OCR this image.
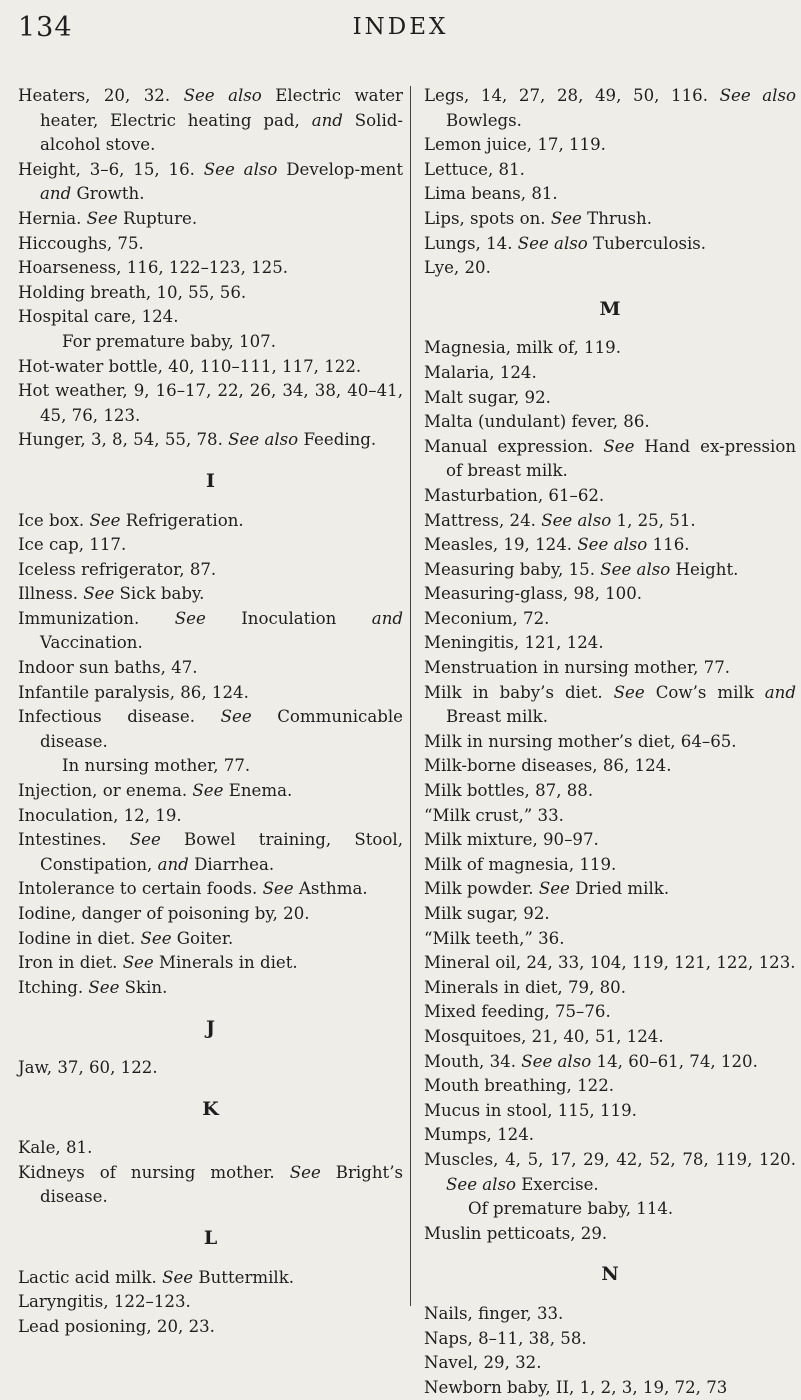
134	INDEX
Heaters, 20, 32. See also Electric water heater, Electric heating pad, and Solid-alcohol stove.
Height, 3–6, 15, 16. See also Develop-ment and Growth.
Hernia. See Rupture.
Hiccoughs, 75.
Hoarseness, 116, 122–123, 125.
Holding breath, 10, 55, 56.
Hospital care, 124.
For premature baby, 107.
Hot-water bottle, 40, 110–111, 117, 122.
Hot weather, 9, 16–17, 22, 26, 34, 38, 40–41, 45, 76, 123.
Hunger, 3, 8, 54, 55, 78. See also Feeding.
I
Ice box. See Refrigeration.
Ice cap, 117.
Iceless refrigerator, 87.
Illness. See Sick baby.
Immunization. See Inoculation and Vaccination.
Indoor sun baths, 47.
Infantile paralysis, 86, 124.
Infectious disease. See Communicable disease.
In nursing mother, 77.
Injection, or enema. See Enema.
Inoculation, 12, 19.
Intestines. See Bowel training, Stool, Constipation, and Diarrhea.
Intolerance to certain foods. See Asthma.
Iodine, danger of poisoning by, 20.
Iodine in diet. See Goiter.
Iron in diet. See Minerals in diet.
Itching. See Skin.
J
Jaw, 37, 60, 122.
K
Kale, 81.
Kidneys of nursing mother. See Bright’s disease.
L
Lactic acid milk. See Buttermilk.
Laryngitis, 122–123.
Lead posioning, 20, 23.
Legs, 14, 27, 28, 49, 50, 116. See also Bowlegs.
Lemon juice, 17, 119.
Lettuce, 81.
Lima beans, 81.
Lips, spots on. See Thrush.
Lungs, 14. See also Tuberculosis.
Lye, 20.
M
Magnesia, milk of, 119.
Malaria, 124.
Malt sugar, 92.
Malta (undulant) fever, 86.
Manual expression. See Hand ex-pression of breast milk.
Masturbation, 61–62.
Mattress, 24. See also 1, 25, 51.
Measles, 19, 124. See also 116.
Measuring baby, 15. See also Height.
Measuring-glass, 98, 100.
Meconium, 72.
Meningitis, 121, 124.
Menstruation in nursing mother, 77.
Milk in baby’s diet. See Cow’s milk and Breast milk.
Milk in nursing mother’s diet, 64–65.
Milk-borne diseases, 86, 124.
Milk bottles, 87, 88.
“Milk crust,” 33.
Milk mixture, 90–97.
Milk of magnesia, 119.
Milk powder. See Dried milk.
Milk sugar, 92.
“Milk teeth,” 36.
Mineral oil, 24, 33, 104, 119, 121, 122, 123.
Minerals in diet, 79, 80.
Mixed feeding, 75–76.
Mosquitoes, 21, 40, 51, 124.
Mouth, 34. See also 14, 60–61, 74, 120.
Mouth breathing, 122.
Mucus in stool, 115, 119.
Mumps, 124.
Muscles, 4, 5, 17, 29, 42, 52, 78, 119, 120. See also Exercise.
Of premature baby, 114.
Muslin petticoats, 29.
N
Nails, finger, 33.
Naps, 8–11, 38, 58.
Navel, 29, 32.
Newborn baby, II, 1, 2, 3, 19, 72, 73
